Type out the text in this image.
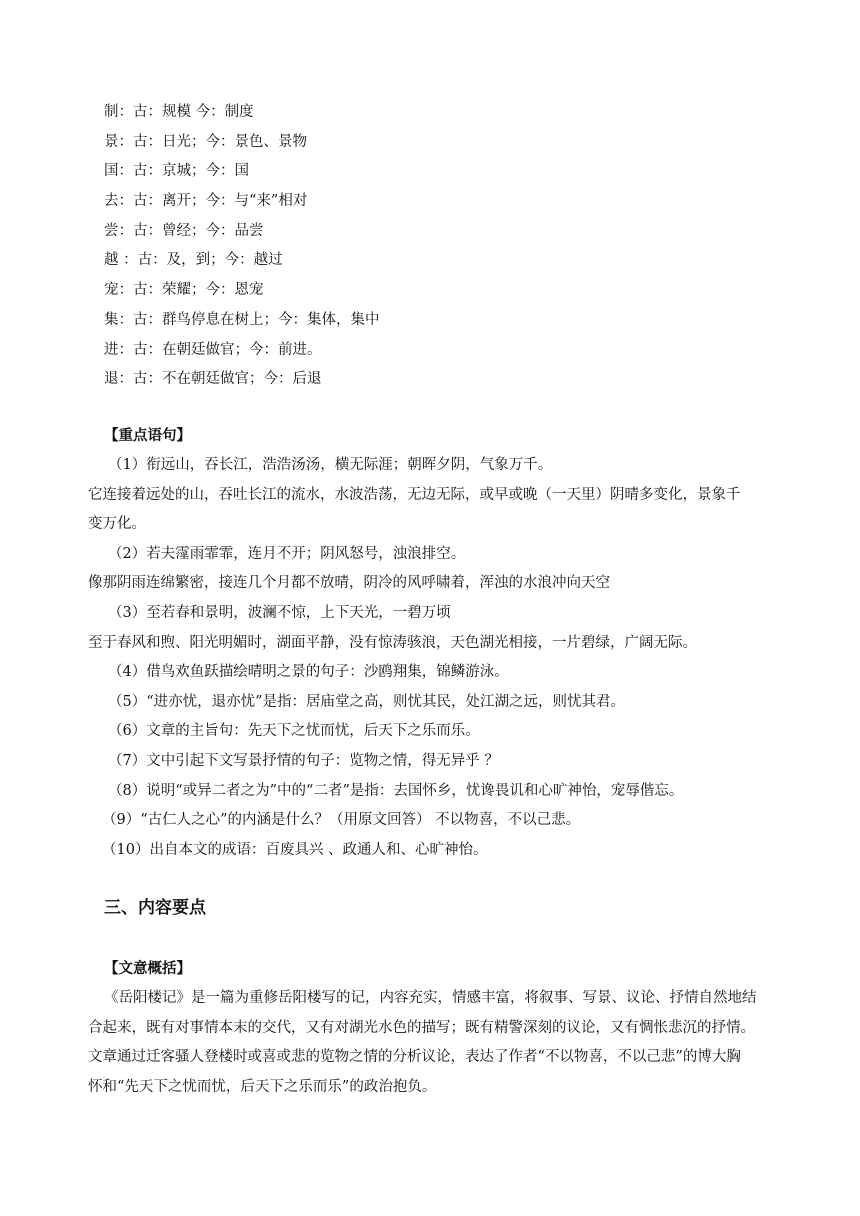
制：古：规模 今：制度
景：古：日光；今：景色、景物
国：古：京城；今：国
去：古：离开；今：与“来”相对
尝：古：曾经；今：品尝
越 ：古：及，到；今：越过
宠：古：荣耀；今：恩宠
集：古：群鸟停息在树上；今：集体，集中
进：古：在朝廷做官；今：前进。
退：古：不在朝廷做官；今：后退
【重点语句】
（1）衔远山，吞长江，浩浩汤汤，横无际涯；朝晖夕阴，气象万千。
它连接着远处的山，吞吐长江的流水，水波浩荡，无边无际，或早或晚（一天里）阴晴多变化，景象千
变万化。
（2）若夫霪雨霏霏，连月不开；阴风怒号，浊浪排空。
像那阴雨连绵繁密，接连几个月都不放晴，阴冷的风呼啸着，浑浊的水浪冲向天空
（3）至若春和景明，波澜不惊，上下天光，一碧万顷
至于春风和煦、阳光明媚时，湖面平静，没有惊涛骇浪，天色湖光相接，一片碧绿，广阔无际。
（4）借鸟欢鱼跃描绘晴明之景的句子：沙鸥翔集，锦鳞游泳。
（5）“进亦忧，退亦忧”是指：居庙堂之高，则忧其民，处江湖之远，则忧其君。
（6）文章的主旨句：先天下之忧而忧，后天下之乐而乐。
（7）文中引起下文写景抒情的句子：览物之情，得无异乎 ？
（8）说明“或异二者之为”中的“二者”是指：去国怀乡，忧谗畏讥和心旷神怡，宠辱偕忘。
（9）“古仁人之心”的内涵是什么？（用原文回答） 不以物喜，不以己悲。
（10）出自本文的成语：百废具兴 、政通人和、心旷神怡。
三、内容要点
【文意概括】
《岳阳楼记》是一篇为重修岳阳楼写的记，内容充实，情感丰富，将叙事、写景、议论、抒情自然地结
合起来，既有对事情本末的交代，又有对湖光水色的描写；既有精警深刻的议论，又有惆怅悲沉的抒情。
文章通过迁客骚人登楼时或喜或悲的览物之情的分析议论，表达了作者“不以物喜，不以己悲”的博大胸
怀和“先天下之忧而忧，后天下之乐而乐”的政治抱负。
